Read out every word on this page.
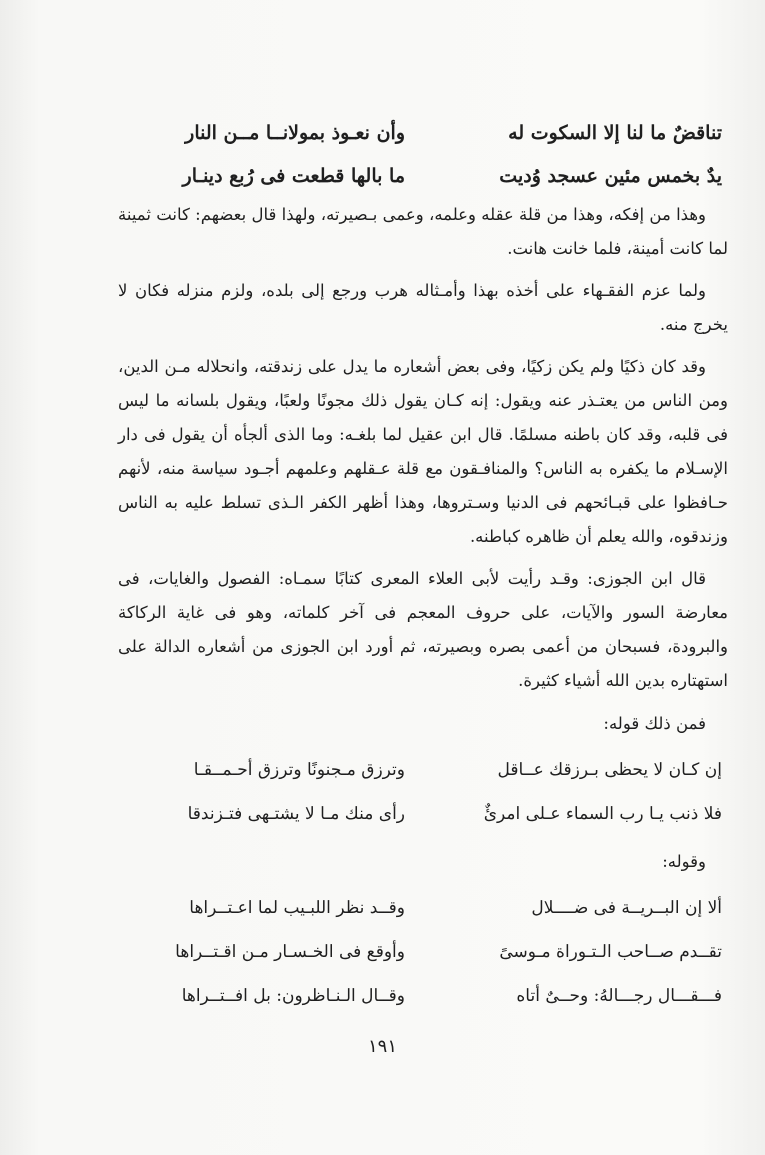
تناقضٌ ما لنا إلا السكوت له
وأن نعـوذ بمولانــا مــن النار
يدٌ بخمس مئين عسجد وُديت
ما بالها قطعت فى رُبع دينـار

وهذا من إفكه، وهذا من قلة عقله وعلمه، وعمى بـصيرته، ولهذا قال بعضهم: كانت ثمينة لما كانت أمينة، فلما خانت هانت.

ولما عزم الفقـهاء على أخذه بهذا وأمـثاله هرب ورجع إلى بلده، ولزم منزله فكان لا يخرج منه.

وقد كان ذكيًا ولم يكن زكيًا، وفى بعض أشعاره ما يدل على زندقته، وانحلاله مـن الدين، ومن الناس من يعتـذر عنه ويقول: إنه كـان يقول ذلك مجونًا ولعبًا، ويقول بلسانه ما ليس فى قلبه، وقد كان باطنه مسلمًا. قال ابن عقيل لما بلغـه: وما الذى ألجأه أن يقول فى دار الإسـلام ما يكفره به الناس؟ والمنافـقون مع قلة عـقلهم وعلمهم أجـود سياسة منه، لأنهم حـافظوا على قبـائحهم فى الدنيا وسـتروها، وهذا أظهر الكفر الـذى تسلط عليه به الناس وزندقوه، والله يعلم أن ظاهره كباطنه.

قال ابن الجوزى: وقـد رأيت لأبى العلاء المعرى كتابًا سمـاه: الفصول والغايات، فى معارضة السور والآيات، على حروف المعجم فى آخر كلماته، وهو فى غاية الركاكة والبرودة، فسبحان من أعمى بصره وبصيرته، ثم أورد ابن الجوزى من أشعاره الدالة على استهتاره بدين الله أشياء كثيرة.

فمن ذلك قوله:
إن كـان لا يحظى بـرزقك عــاقل
وترزق مـجنونًا وترزق أحـمــقـا
فلا ذنب يـا رب السماء عـلى امرئٌ
رأى منك مـا لا يشتـهى فتـزندقا
وقوله:
ألا إن البــريــة فى ضــــلال
وقــد نظر اللبـيب لما اعـتــراها
تقــدم صــاحب الـتـوراة مـوسىً
وأوقع فى الخـسـار مـن اقـتــراها
فـــقـــال رجـــالهُ: وحــىٌ أتاه
وقــال الـنـاظرون: بل افــتــراها
١٩١
